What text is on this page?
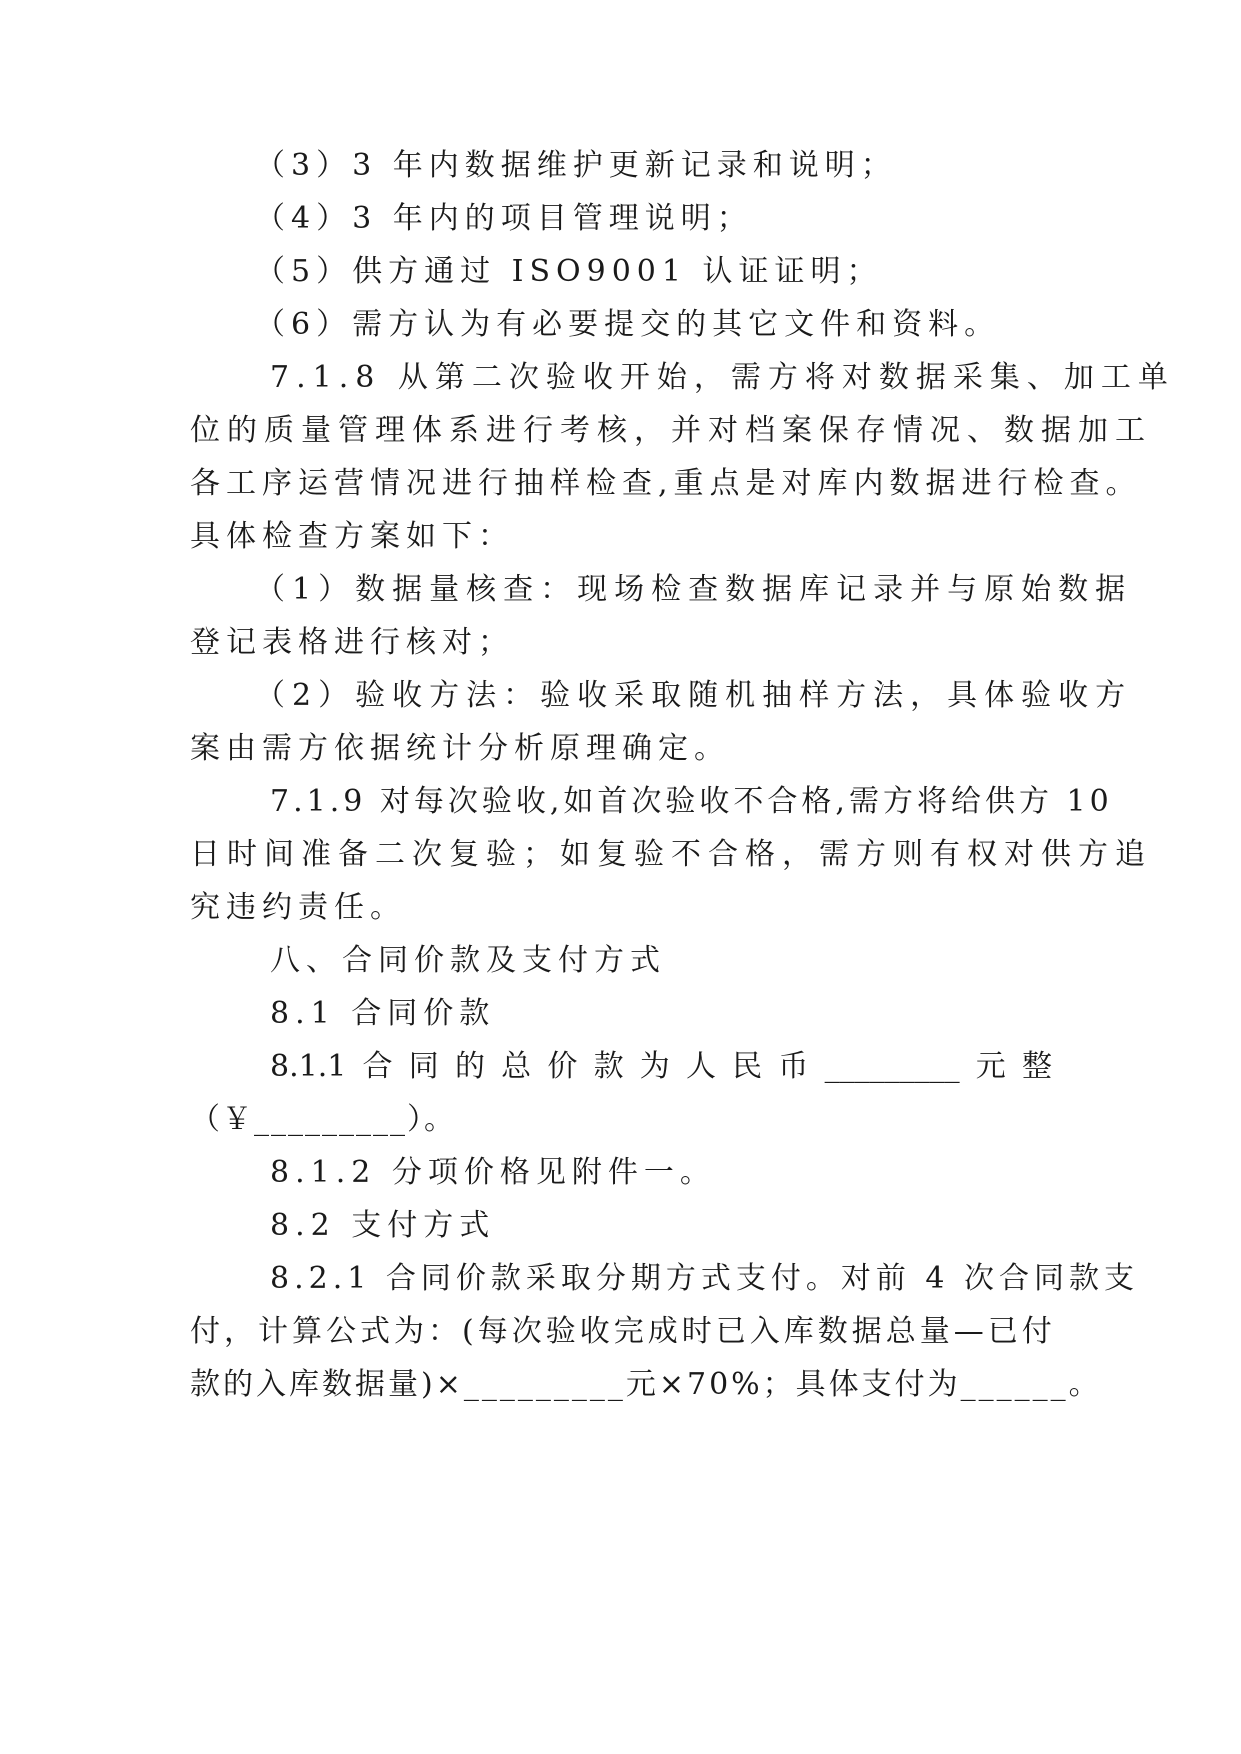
（3）3 年内数据维护更新记录和说明；
（4）3 年内的项目管理说明；
（5）供方通过 ISO9001 认证证明；
（6）需方认为有必要提交的其它文件和资料。
7.1.8 从第二次验收开始，需方将对数据采集、加工单
位的质量管理体系进行考核，并对档案保存情况、数据加工
各工序运营情况进行抽样检查,重点是对库内数据进行检查。
具体检查方案如下：
（1）数据量核查：现场检查数据库记录并与原始数据
登记表格进行核对；
（2）验收方法：验收采取随机抽样方法，具体验收方
案由需方依据统计分析原理确定。
7.1.9 对每次验收,如首次验收不合格,需方将给供方 10
日时间准备二次复验；如复验不合格，需方则有权对供方追
究违约责任。
八、合同价款及支付方式
8.1 合同价款
8.1.1 合 同 的 总 价 款 为 人 民 币 _________ 元 整
（￥_________）。
8.1.2 分项价格见附件一。
8.2 支付方式
8.2.1 合同价款采取分期方式支付。对前 4 次合同款支
付，计算公式为：(每次验收完成时已入库数据总量—已付
款的入库数据量)×_________元×70%；具体支付为______。
